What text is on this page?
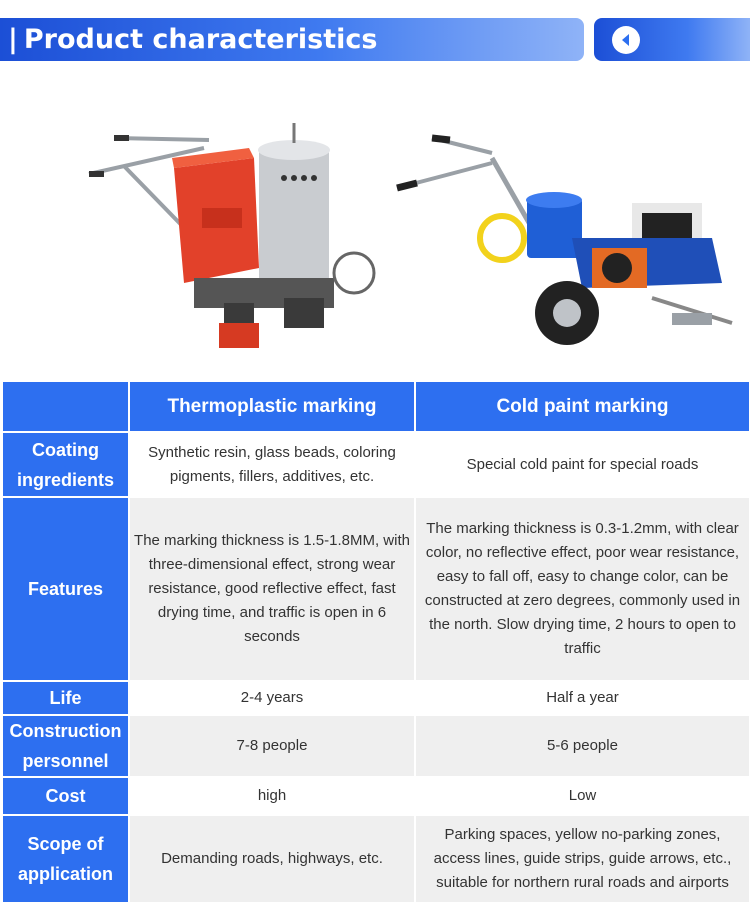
| Product characteristics
	Thermoplastic marking	Cold paint marking
Coating ingredients	Synthetic resin, glass beads, coloring pigments, fillers, additives, etc.	Special cold paint for special roads
Features	The marking thickness is 1.5-1.8MM, with three-dimensional effect, strong wear resistance, good reflective effect, fast drying time, and traffic is open in 6 seconds	The marking thickness is 0.3-1.2mm, with clear color, no reflective effect, poor wear resistance, easy to fall off, easy to change color, can be constructed at zero degrees, commonly used in the north. Slow drying time, 2 hours to open to traffic
Life	2-4 years	Half a year
Construction personnel	7-8 people	5-6 people
Cost	high	Low
Scope of application	Demanding roads, highways, etc.	Parking spaces, yellow no-parking zones, access lines, guide strips, guide arrows, etc., suitable for northern rural roads and airports
